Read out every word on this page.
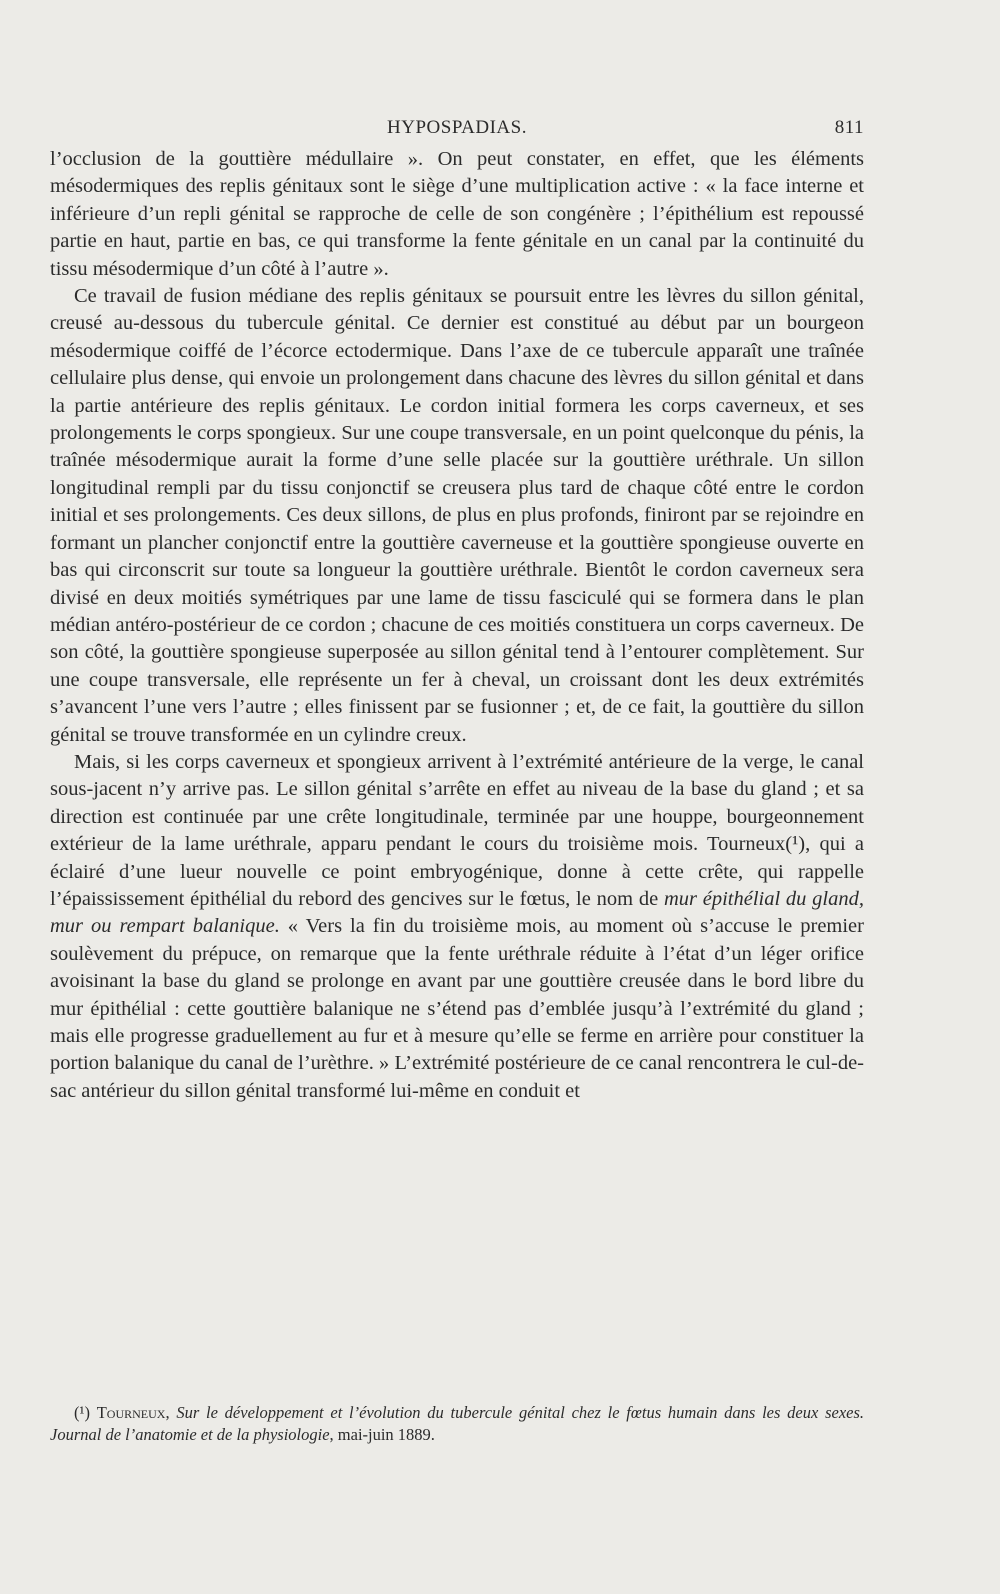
HYPOSPADIAS.	811

l’occlusion de la gouttière médullaire ». On peut constater, en effet, que les éléments mésodermiques des replis génitaux sont le siège d’une multiplication active : « la face interne et inférieure d’un repli génital se rapproche de celle de son congénère ; l’épithélium est repoussé partie en haut, partie en bas, ce qui transforme la fente génitale en un canal par la continuité du tissu mésodermique d’un côté à l’autre ».

Ce travail de fusion médiane des replis génitaux se poursuit entre les lèvres du sillon génital, creusé au-dessous du tubercule génital. Ce dernier est constitué au début par un bourgeon mésodermique coiffé de l’écorce ectodermique. Dans l’axe de ce tubercule apparaît une traînée cellulaire plus dense, qui envoie un prolongement dans chacune des lèvres du sillon génital et dans la partie antérieure des replis génitaux. Le cordon initial formera les corps caverneux, et ses prolongements le corps spongieux. Sur une coupe transversale, en un point quelconque du pénis, la traînée mésodermique aurait la forme d’une selle placée sur la gouttière uréthrale. Un sillon longitudinal rempli par du tissu conjonctif se creusera plus tard de chaque côté entre le cordon initial et ses prolongements. Ces deux sillons, de plus en plus profonds, finiront par se rejoindre en formant un plancher conjonctif entre la gouttière caverneuse et la gouttière spongieuse ouverte en bas qui circonscrit sur toute sa longueur la gouttière uréthrale. Bientôt le cordon caverneux sera divisé en deux moitiés symétriques par une lame de tissu fasciculé qui se formera dans le plan médian antéro-postérieur de ce cordon ; chacune de ces moitiés constituera un corps caverneux. De son côté, la gouttière spongieuse superposée au sillon génital tend à l’entourer complètement. Sur une coupe transversale, elle représente un fer à cheval, un croissant dont les deux extrémités s’avancent l’une vers l’autre ; elles finissent par se fusionner ; et, de ce fait, la gouttière du sillon génital se trouve transformée en un cylindre creux.

Mais, si les corps caverneux et spongieux arrivent à l’extrémité antérieure de la verge, le canal sous-jacent n’y arrive pas. Le sillon génital s’arrête en effet au niveau de la base du gland ; et sa direction est continuée par une crête longitudinale, terminée par une houppe, bourgeonnement extérieur de la lame uréthrale, apparu pendant le cours du troisième mois. Tourneux(¹), qui a éclairé d’une lueur nouvelle ce point embryogénique, donne à cette crête, qui rappelle l’épaississement épithélial du rebord des gencives sur le fœtus, le nom de mur épithélial du gland, mur ou rempart balanique. « Vers la fin du troisième mois, au moment où s’accuse le premier soulèvement du prépuce, on remarque que la fente uréthrale réduite à l’état d’un léger orifice avoisinant la base du gland se prolonge en avant par une gouttière creusée dans le bord libre du mur épithélial : cette gouttière balanique ne s’étend pas d’emblée jusqu’à l’extrémité du gland ; mais elle progresse graduellement au fur et à mesure qu’elle se ferme en arrière pour constituer la portion balanique du canal de l’urèthre. » L’extrémité postérieure de ce canal rencontrera le cul-de-sac antérieur du sillon génital transformé lui-même en conduit et

(¹) Tourneux, Sur le développement et l’évolution du tubercule génital chez le fœtus humain dans les deux sexes. Journal de l’anatomie et de la physiologie, mai-juin 1889.
